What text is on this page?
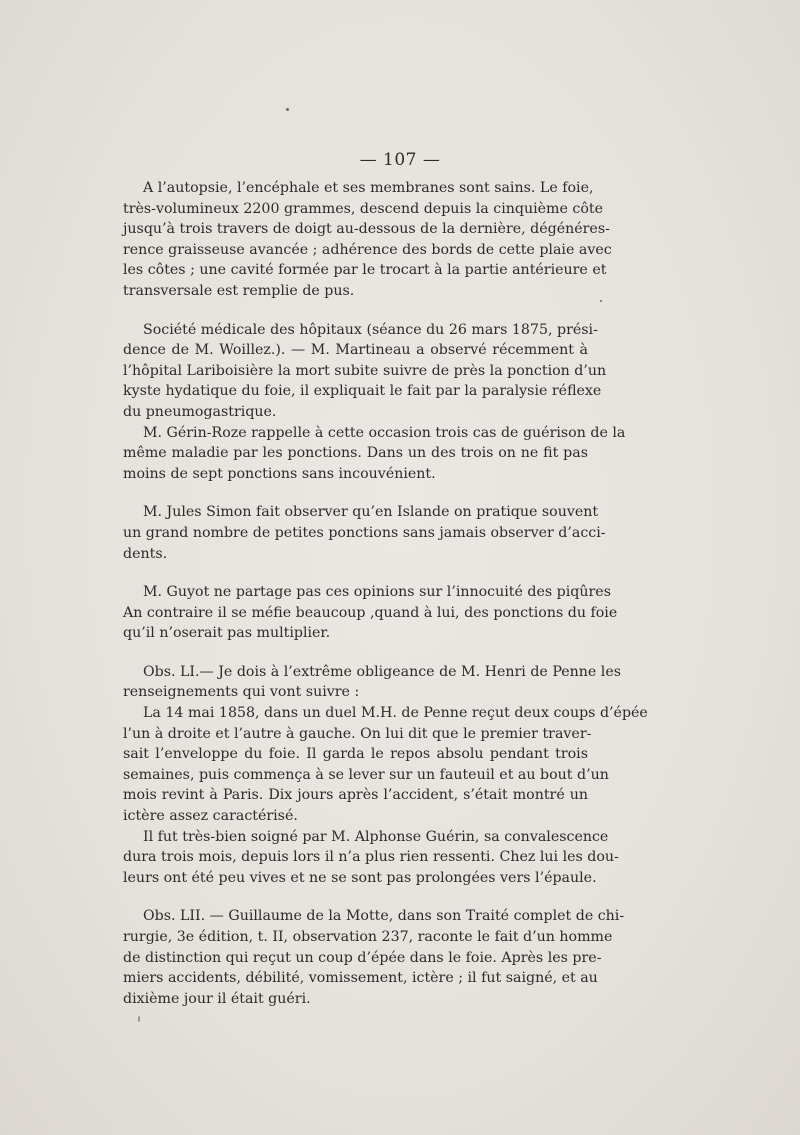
— 107 —
A l’autopsie, l’encéphale et ses membranes sont sains. Le foie,
très-volumineux 2200 grammes, descend depuis la cinquième côte
jusqu’à trois travers de doigt au-dessous de la dernière, dégénéres-
rence graisseuse avancée ; adhérence des bords de cette plaie avec
les côtes ; une cavité formée par le trocart à la partie antérieure et
transversale est remplie de pus.
Société médicale des hôpitaux (séance du 26 mars 1875, prési-
dence de M. Woillez.). — M. Martineau a observé récemment à
l’hôpital Lariboisière la mort subite suivre de près la ponction d’un
kyste hydatique du foie, il expliquait le fait par la paralysie réflexe
du pneumogastrique.
M. Gérin-Roze rappelle à cette occasion trois cas de guérison de la
même maladie par les ponctions. Dans un des trois on ne fit pas
moins de sept ponctions sans incouvénient.
M. Jules Simon fait observer qu’en Islande on pratique souvent
un grand nombre de petites ponctions sans jamais observer d’acci-
dents.
M. Guyot ne partage pas ces opinions sur l’innocuité des piqûres
An contraire il se méfie beaucoup ,quand à lui, des ponctions du foie
qu’il n’oserait pas multiplier.
Obs. LI.— Je dois à l’extrême obligeance de M. Henri de Penne les
renseignements qui vont suivre :
La 14 mai 1858, dans un duel M.H. de Penne reçut deux coups d’épée
l’un à droite et l’autre à gauche. On lui dit que le premier traver-
sait l’enveloppe du foie. Il garda le repos absolu pendant trois
semaines, puis commença à se lever sur un fauteuil et au bout d’un
mois revint à Paris. Dix jours après l’accident, s’était montré un
ictère assez caractérisé.
Il fut très-bien soigné par M. Alphonse Guérin, sa convalescence
dura trois mois, depuis lors il n’a plus rien ressenti. Chez lui les dou-
leurs ont été peu vives et ne se sont pas prolongées vers l’épaule.
Obs. LII. — Guillaume de la Motte, dans son Traité complet de chi-
rurgie, 3e édition, t. II, observation 237, raconte le fait d’un homme
de distinction qui reçut un coup d’épée dans le foie. Après les pre-
miers accidents, débilité, vomissement, ictère ; il fut saigné, et au
dixième jour il était guéri.
